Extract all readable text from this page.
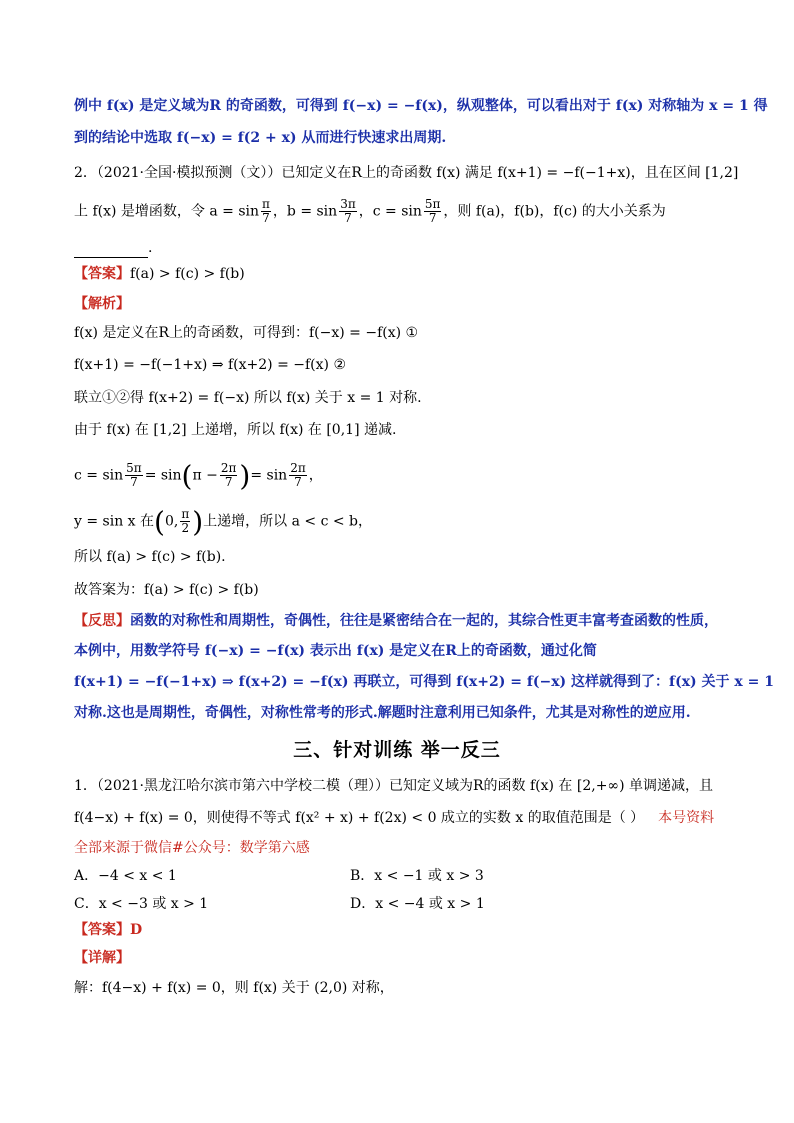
例中 f(x) 是定义域为R 的奇函数，可得到 f(−x) = −f(x)，纵观整体，可以看出对于 f(x) 对称轴为 x = 1 得
到的结论中选取 f(−x) = f(2 + x) 从而进行快速求出周期.
2．（2021·全国·模拟预测（文））已知定义在R上的奇函数 f(x) 满足 f(x+1) = −f(−1+x)，且在区间 [1,2]
上 f(x) 是增函数，令 $a = \sin \frac{\pi}{7}$ ，$b = \sin \frac{3\pi}{7}$ ，$c = \sin \frac{5\pi}{7}$ ，则 f(a)，f(b)，f(c) 的大小关系为
.
【答案】f(a) > f(c) > f(b)
【解析】
f(x) 是定义在R上的奇函数，可得到：f(−x) = −f(x) ①
f(x+1) = −f(−1+x) ⇒ f(x+2) = −f(x) ②
联立①②得 f(x+2) = f(−x) 所以 f(x) 关于 x = 1 对称.
由于 f(x) 在 [1,2] 上递增，所以 f(x) 在 [0,1] 递减.
$c = \sin \frac{5\pi}{7} = \sin(\pi - \frac{2\pi}{7}$ )= $\sin \frac{2\pi}{7}$ ，
y = sin x 在(0, $\frac{\pi}{2}$ )上递增，所以 a < c < b，
所以 f(a) > f(c) > f(b).
故答案为：f(a) > f(c) > f(b)
【反思】函数的对称性和周期性，奇偶性，往往是紧密结合在一起的，其综合性更丰富考查函数的性质，
本例中，用数学符号 f(−x) = −f(x) 表示出 f(x) 是定义在R上的奇函数，通过化简
f(x+1) = −f(−1+x) ⇒ f(x+2) = −f(x) 再联立，可得到 f(x+2) = f(−x) 这样就得到了：f(x) 关于 x = 1
对称.这也是周期性，奇偶性，对称性常考的形式.解题时注意利用已知条件，尤其是对称性的逆应用.
三、针对训练 举一反三
1．（2021·黑龙江哈尔滨市第六中学校二模（理））已知定义域为R的函数 f(x) 在 [2,+∞) 单调递减，且
f(4−x) + f(x) = 0，则使得不等式 f(x² + x) + f(2x) < 0 成立的实数 x 的取值范围是（ ） 本号资料
全部来源于微信#公众号：数学第六感
A．−4 < x < 1	B．x < −1 或 x > 3
C．x < −3 或 x > 1	D．x < −4 或 x > 1
【答案】D
【详解】
解：f(4−x) + f(x) = 0，则 f(x) 关于 (2,0) 对称，
